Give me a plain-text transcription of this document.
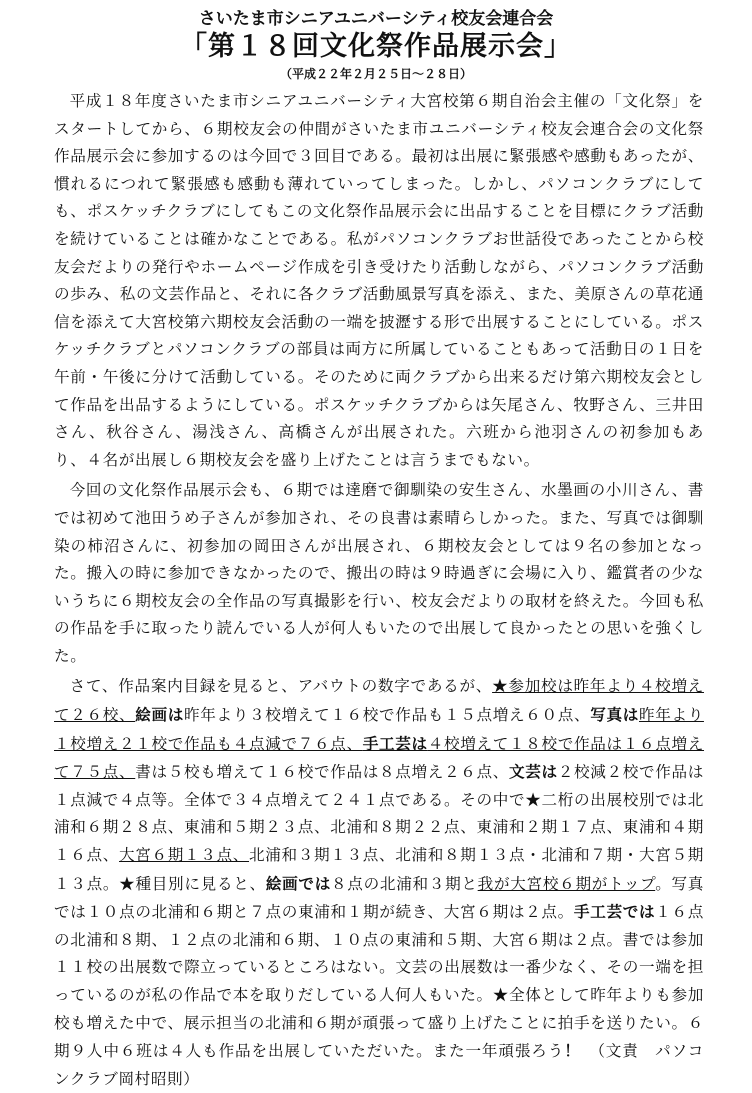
さいたま市シニアユニバーシティ校友会連合会
「第１８回文化祭作品展示会」
（平成２２年２月２５日〜２８日）

平成１８年度さいたま市シニアユニバーシティ大宮校第６期自治会主催の「文化祭」をスタートしてから、６期校友会の仲間がさいたま市ユニバーシティ校友会連合会の文化祭作品展示会に参加するのは今回で３回目である。最初は出展に緊張感や感動もあったが、慣れるにつれて緊張感も感動も薄れていってしまった。しかし、パソコンクラブにしても、ポスケッチクラブにしてもこの文化祭作品展示会に出品することを目標にクラブ活動を続けていることは確かなことである。私がパソコンクラブお世話役であったことから校友会だよりの発行やホームページ作成を引き受けたり活動しながら、パソコンクラブ活動の歩み、私の文芸作品と、それに各クラブ活動風景写真を添え、また、美原さんの草花通信を添えて大宮校第六期校友会活動の一端を披瀝する形で出展することにしている。ポスケッチクラブとパソコンクラブの部員は両方に所属していることもあって活動日の１日を午前・午後に分けて活動している。そのために両クラブから出来るだけ第六期校友会として作品を出品するようにしている。ポスケッチクラブからは矢尾さん、牧野さん、三井田さん、秋谷さん、湯浅さん、高橋さんが出展された。六班から池羽さんの初参加もあり、４名が出展し６期校友会を盛り上げたことは言うまでもない。

今回の文化祭作品展示会も、６期では達磨で御馴染の安生さん、水墨画の小川さん、書では初めて池田うめ子さんが参加され、その良書は素晴らしかった。また、写真では御馴染の柿沼さんに、初参加の岡田さんが出展され、６期校友会としては９名の参加となった。搬入の時に参加できなかったので、搬出の時は９時過ぎに会場に入り、鑑賞者の少ないうちに６期校友会の全作品の写真撮影を行い、校友会だよりの取材を終えた。今回も私の作品を手に取ったり読んでいる人が何人もいたので出展して良かったとの思いを強くした。

さて、作品案内目録を見ると、アバウトの数字であるが、★参加校は昨年より４校増えて２６校、絵画は昨年より３校増えて１６校で作品も１５点増え６０点、写真は昨年より１校増え２１校で作品も４点減で７６点、手工芸は４校増えて１８校で作品は１６点増えて７５点、書は５校も増えて１６校で作品は８点増え２６点、文芸は２校減２校で作品は１点減で４点等。全体で３４点増えて２４１点である。その中で★二桁の出展校別では北浦和６期２８点、東浦和５期２３点、北浦和８期２２点、東浦和２期１７点、東浦和４期１６点、大宮６期１３点、北浦和３期１３点、北浦和８期１３点・北浦和７期・大宮５期１３点。★種目別に見ると、絵画では８点の北浦和３期と我が大宮校６期がトップ。写真では１０点の北浦和６期と７点の東浦和１期が続き、大宮６期は２点。手工芸では１６点の北浦和８期、１２点の北浦和６期、１０点の東浦和５期、大宮６期は２点。書では参加１１校の出展数で際立っているところはない。文芸の出展数は一番少なく、その一端を担っているのが私の作品で本を取りだしている人何人もいた。★全体として昨年よりも参加校も増えた中で、展示担当の北浦和６期が頑張って盛り上げたことに拍手を送りたい。６期９人中６班は４人も作品を出展していただいた。また一年頑張ろう！　（文責　パソコンクラブ岡村昭則）
